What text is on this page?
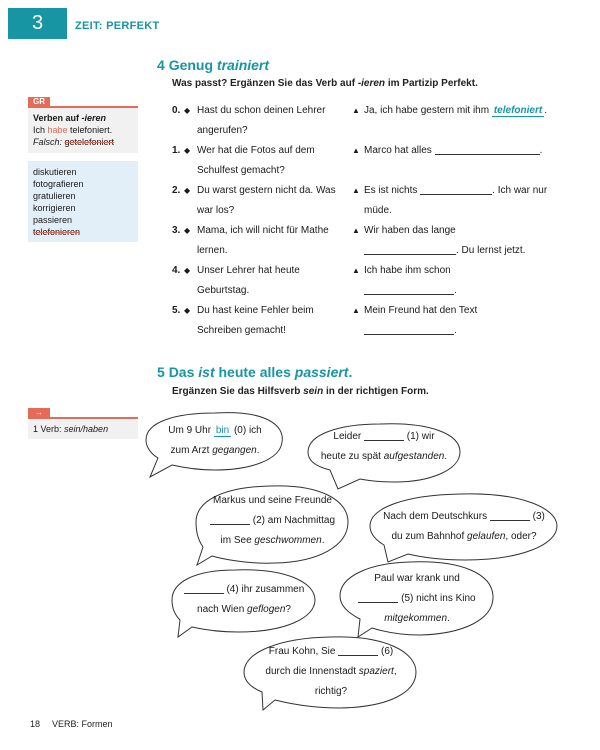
3	ZEIT: PERFEKT
GR
Verben auf -ieren
Ich habe telefoniert.
Falsch: getelefoniert
diskutieren
fotografieren
gratulieren
korrigieren
passieren
telefonieren
4 Genug trainiert
Was passt? Ergänzen Sie das Verb auf -ieren im Partizip Perfekt.
0. ◆ Hast du schon deinen Lehrer angerufen?
▲ Ja, ich habe gestern mit ihm telefoniert .
1. ◆ Wer hat die Fotos auf dem Schulfest gemacht?
▲ Marco hat alles	.
2. ◆ Du warst gestern nicht da. Was war los?
▲ Es ist nichts	. Ich war nur müde.
3. ◆ Mama, ich will nicht für Mathe lernen.
▲ Wir haben das lange
. Du lernst jetzt.
4. ◆ Unser Lehrer hat heute Geburtstag.
▲ Ich habe ihm schon
.
5. ◆ Du hast keine Fehler beim Schreiben gemacht!
▲ Mein Freund hat den Text
.
5 Das ist heute alles passiert.
Ergänzen Sie das Hilfsverb sein in der richtigen Form.
→
1 Verb: sein/haben	Um 9 Uhr bin (0) ich
zum Arzt gegangen.
Leider	(1) wir
heute zu spät aufgestanden.
Markus und seine Freunde
(2) am Nachmittag
im See geschwommen.
Nach dem Deutschkurs	(3)
du zum Bahnhof gelaufen, oder?
(4) ihr zusammen
nach Wien geflogen?
Paul war krank und
(5) nicht ins Kino
mitgekommen.
Frau Kohn, Sie	(6)
durch die Innenstadt spaziert,
richtig?
18 VERB: Formen
